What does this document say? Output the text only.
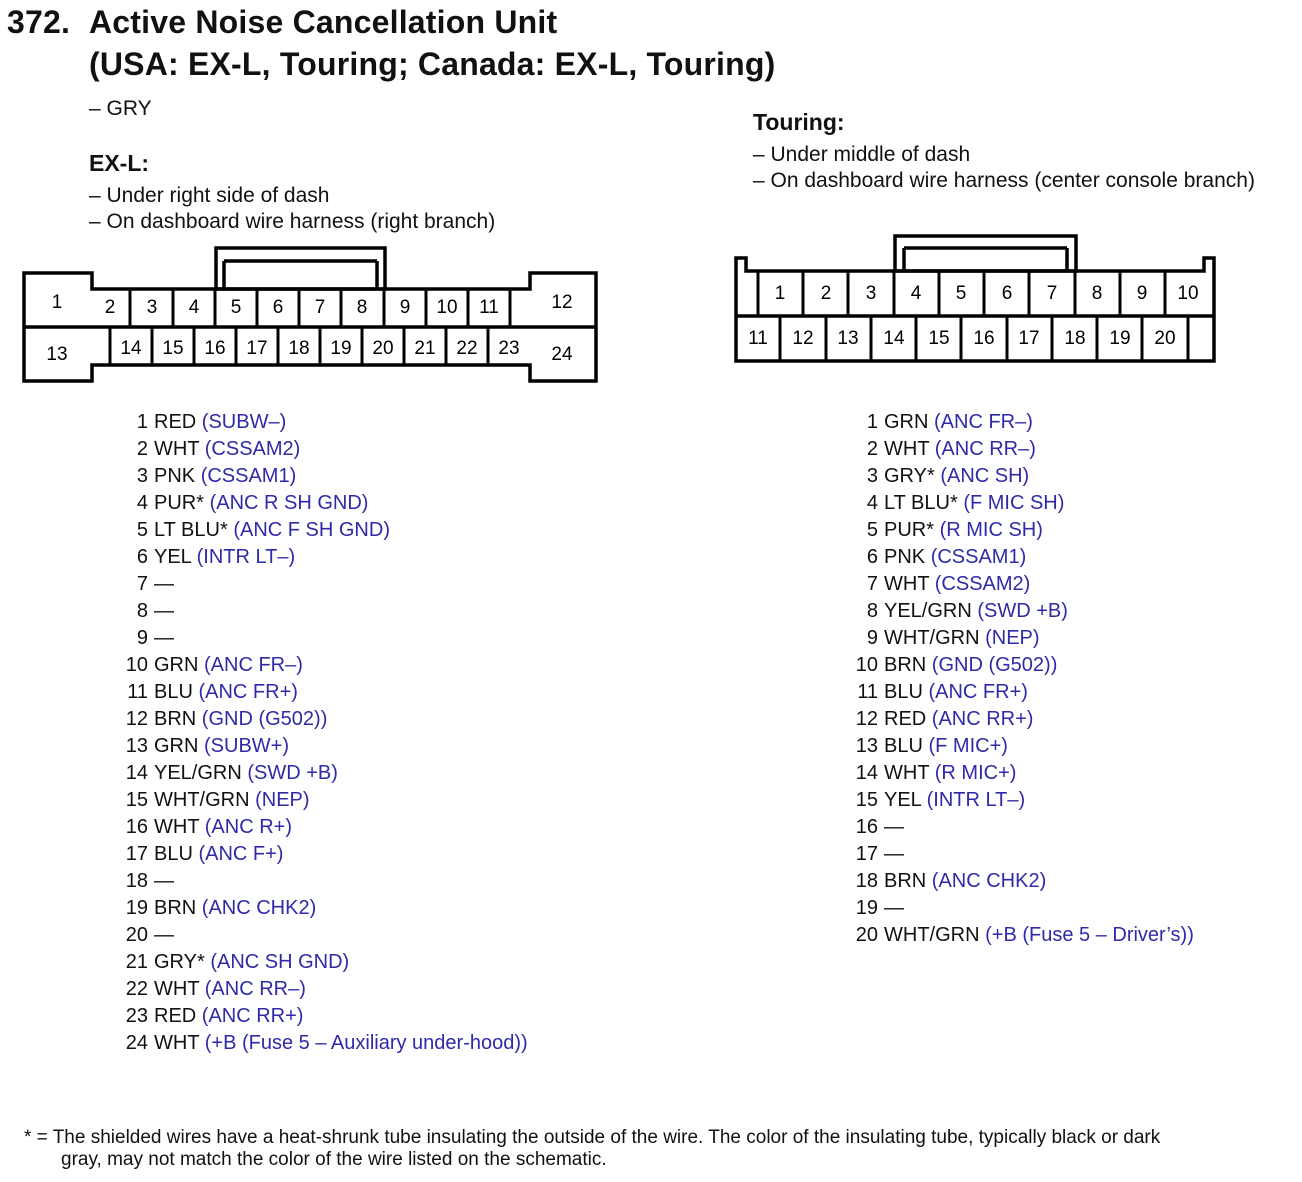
372. Active Noise Cancellation Unit
(USA: EX-L, Touring; Canada: EX-L, Touring)
– GRY
EX-L:
– Under right side of dash
– On dashboard wire harness (right branch)
Touring:
– Under middle of dash
– On dashboard wire harness (center console branch)
1 2 3 4 5 6 7 8 9 10 11	12
13	14 15 16 17 18 19 20 21 22 23 24
1 2 3 4 5 6 7 8 9 10
11 12 13 14 15 16 17 18 19 20
1 RED (SUBW–)
2 WHT (CSSAM2)
3 PNK (CSSAM1)
4 PUR* (ANC R SH GND)
5 LT BLU* (ANC F SH GND)
6 YEL (INTR LT–)
7 —
8 —
9 —
10 GRN (ANC FR–)
11 BLU (ANC FR+)
12 BRN (GND (G502))
13 GRN (SUBW+)
14 YEL/GRN (SWD +B)
15 WHT/GRN (NEP)
16 WHT (ANC R+)
17 BLU (ANC F+)
18 —
19 BRN (ANC CHK2)
20 —
21 GRY* (ANC SH GND)
22 WHT (ANC RR–)
23 RED (ANC RR+)
24 WHT (+B (Fuse 5 – Auxiliary under-hood))
1 GRN (ANC FR–)
2 WHT (ANC RR–)
3 GRY* (ANC SH)
4 LT BLU* (F MIC SH)
5 PUR* (R MIC SH)
6 PNK (CSSAM1)
7 WHT (CSSAM2)
8 YEL/GRN (SWD +B)
9 WHT/GRN (NEP)
10 BRN (GND (G502))
11 BLU (ANC FR+)
12 RED (ANC RR+)
13 BLU (F MIC+)
14 WHT (R MIC+)
15 YEL (INTR LT–)
16 —
17 —
18 BRN (ANC CHK2)
19 —
20 WHT/GRN (+B (Fuse 5 – Driver’s))
* = The shielded wires have a heat-shrunk tube insulating the outside of the wire. The color of the insulating tube, typically black or dark
gray, may not match the color of the wire listed on the schematic.
